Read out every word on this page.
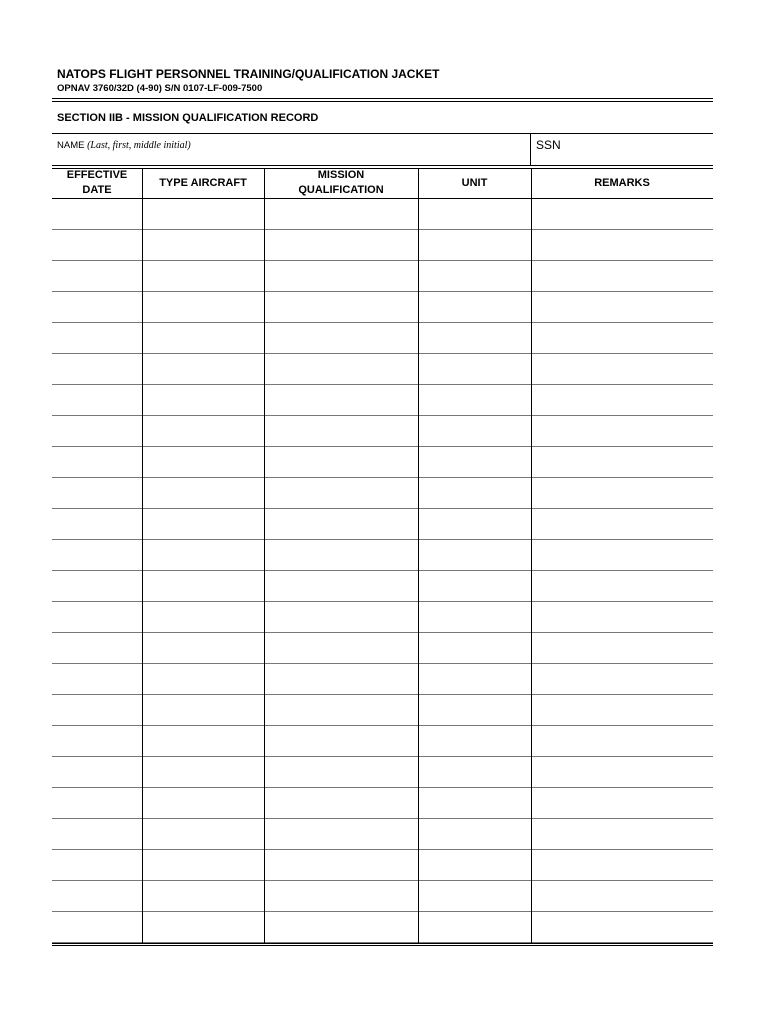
NATOPS FLIGHT PERSONNEL TRAINING/QUALIFICATION JACKET
OPNAV 3760/32D (4-90) S/N 0107-LF-009-7500
SECTION IIB - MISSION QUALIFICATION RECORD
NAME (Last, first, middle initial)	SSN
EFFECTIVE
DATE
TYPE AIRCRAFT
MISSION
QUALIFICATION
UNIT	REMARKS
